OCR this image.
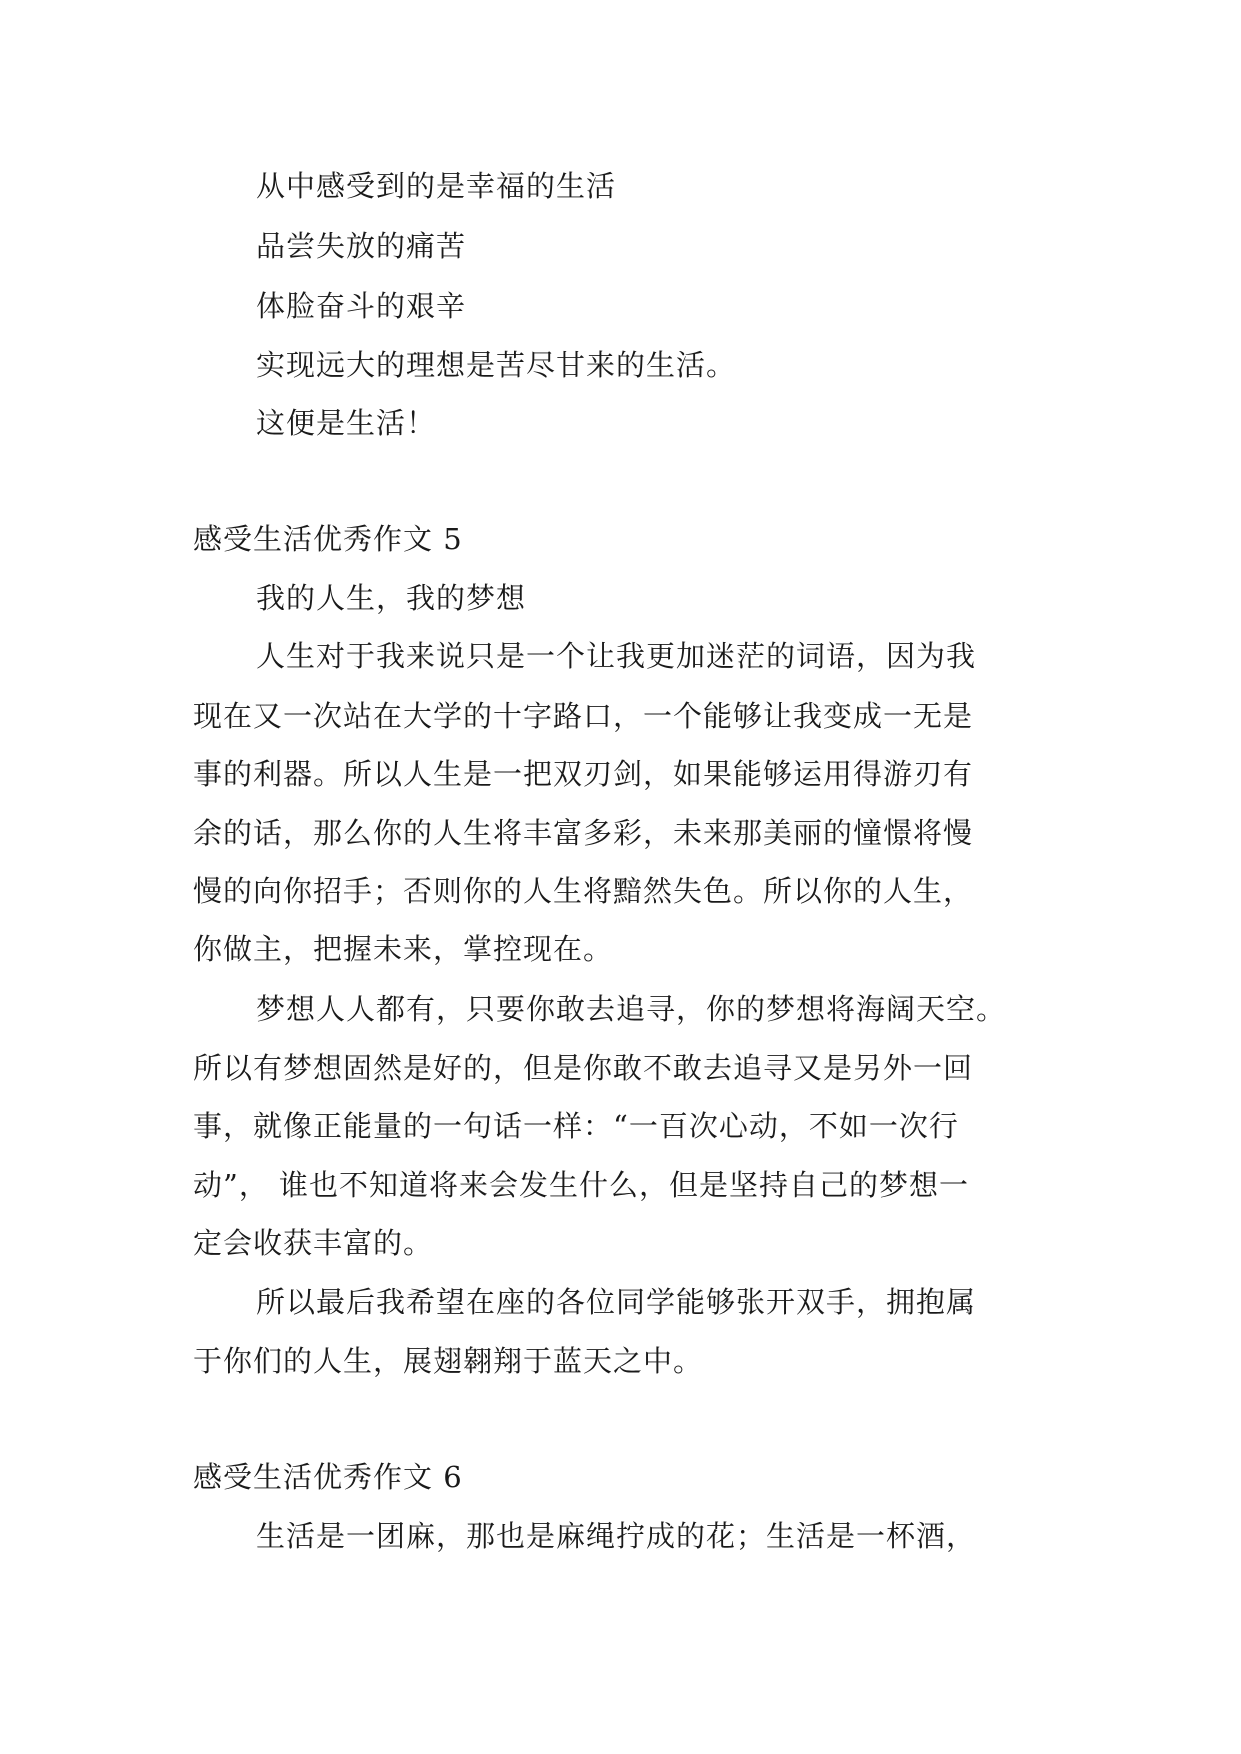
从中感受到的是幸福的生活
品尝失放的痛苦
体脸奋斗的艰辛
实现远大的理想是苦尽甘来的生活。
这便是生活！
感受生活优秀作文 5
我的人生，我的梦想
人生对于我来说只是一个让我更加迷茫的词语，因为我
现在又一次站在大学的十字路口，一个能够让我变成一无是
事的利器。所以人生是一把双刃剑，如果能够运用得游刃有
余的话，那么你的人生将丰富多彩，未来那美丽的憧憬将慢
慢的向你招手；否则你的人生将黯然失色。所以你的人生，
你做主，把握未来，掌控现在。
梦想人人都有，只要你敢去追寻，你的梦想将海阔天空。
所以有梦想固然是好的，但是你敢不敢去追寻又是另外一回
事，就像正能量的一句话一样：“一百次心动，不如一次行
动”， 谁也不知道将来会发生什么，但是坚持自己的梦想一
定会收获丰富的。
所以最后我希望在座的各位同学能够张开双手，拥抱属
于你们的人生，展翅翱翔于蓝天之中。
感受生活优秀作文 6
生活是一团麻，那也是麻绳拧成的花；生活是一杯酒，
